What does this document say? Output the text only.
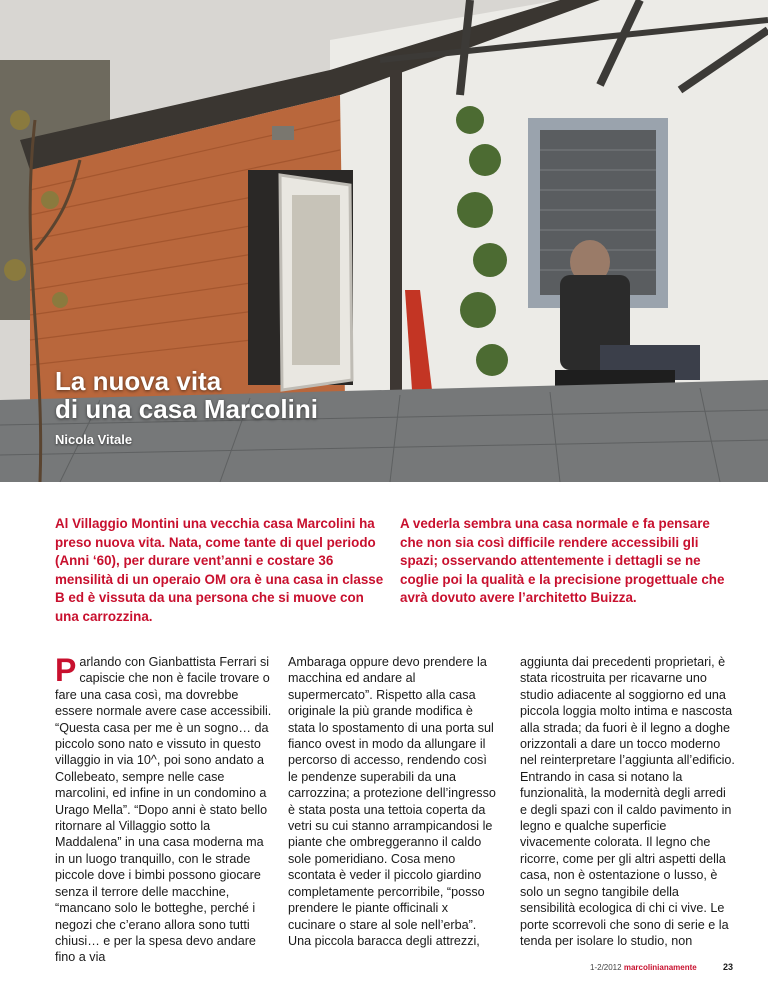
La nuova vita
di una casa Marcolini
Nicola Vitale
Al Villaggio Montini una vecchia casa Marcolini ha preso nuova vita. Nata, come tante di quel periodo (Anni ‘60), per durare vent’anni e costare 36 mensilità di un operaio OM ora è una casa in classe B ed è vissuta da una persona che si muove con una carrozzina.
A vederla sembra una casa normale e fa pensare che non sia così difficile rendere accessibili gli spazi; osservando attentemente i dettagli se ne coglie poi la qualità e la precisione progettuale che avrà dovuto avere l’architetto Buizza.

Parlando con Gianbattista Ferrari si capiscie che non è facile trovare o fare una casa così, ma dovrebbe essere normale avere case accessibili. “Questa casa per me è un sogno… da piccolo sono nato e vissuto in questo villaggio in via 10^, poi sono andato a Collebeato, sempre nelle case marcolini, ed infine in un condomino a Urago Mella”. “Dopo anni è stato bello ritornare al Villaggio sotto la Maddalena” in una casa moderna ma in un luogo tranquillo, con le strade piccole dove i bimbi possono giocare senza il terrore delle macchine, “mancano solo le botteghe, perché i negozi che c’erano allora sono tutti chiusi… e per la spesa devo andare fino a via

Ambaraga oppure devo prendere la macchina ed andare al supermercato”. Rispetto alla casa originale la più grande modifica è stata lo spostamento di una porta sul fianco ovest in modo da allungare il percorso di accesso, rendendo così le pendenze superabili da una carrozzina; a protezione dell’ingresso è stata posta una tettoia coperta da vetri su cui stanno arrampicandosi le piante che ombreggeranno il caldo sole pomeridiano. Cosa meno scontata è veder il piccolo giardino completamente percorribile, “posso prendere le piante officinali x cucinare o stare al sole nell’erba”. Una piccola baracca degli attrezzi,

aggiunta dai precedenti proprietari, è stata ricostruita per ricavarne uno studio adiacente al soggiorno ed una piccola loggia molto intima e nascosta alla strada; da fuori è il legno a doghe orizzontali a dare un tocco moderno nel reinterpretare l’aggiunta all’edificio. Entrando in casa si notano la funzionalità, la modernità degli arredi e degli spazi con il caldo pavimento in legno e qualche superficie vivacemente colorata. Il legno che ricorre, come per gli altri aspetti della casa, non è ostentazione o lusso, è solo un segno tangibile della sensibilità ecologica di chi ci vive. Le porte scorrevoli che sono di serie e la tenda per isolare lo studio, non

1-2/2012 marcolinianamente	23
